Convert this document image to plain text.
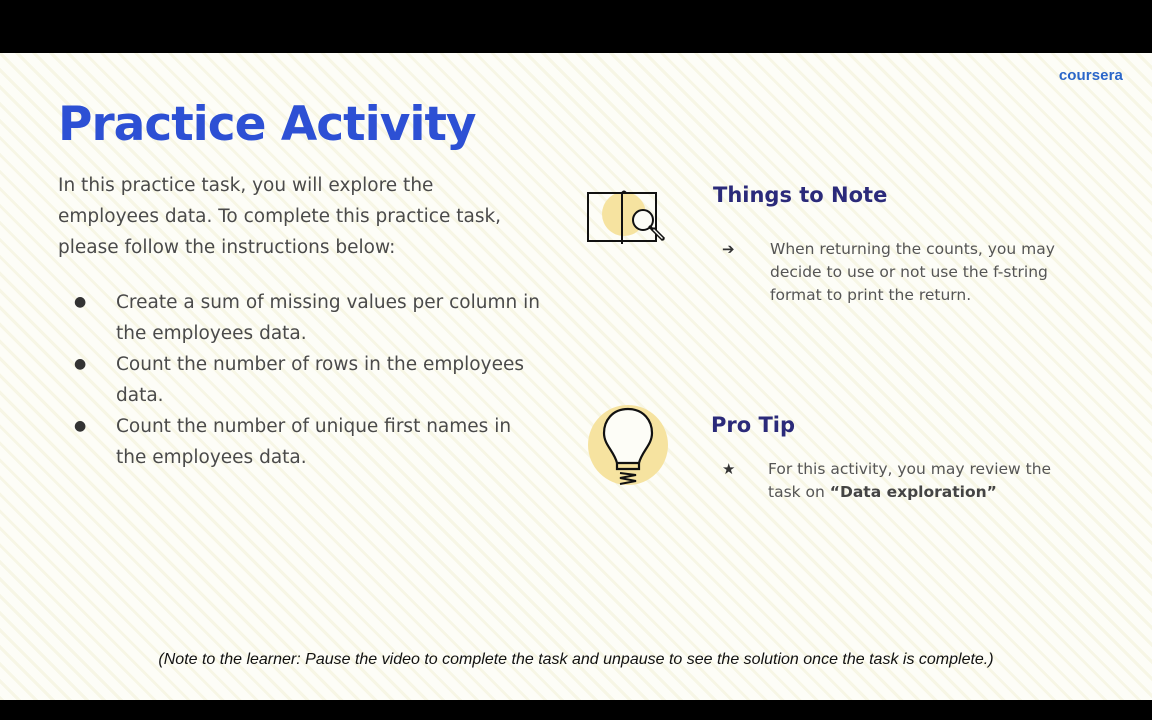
coursera
Practice Activity

In this practice task, you will explore the employees data. To complete this practice task, please follow the instructions below:

● Create a sum of missing values per column in the employees data.
● Count the number of rows in the employees data.
● Count the number of unique first names in the employees data.
Things to Note
➔ When returning the counts, you may decide to use or not use the f-string format to print the return.
Pro Tip
★ For this activity, you may review the task on “Data exploration”

(Note to the learner: Pause the video to complete the task and unpause to see the solution once the task is complete.)
